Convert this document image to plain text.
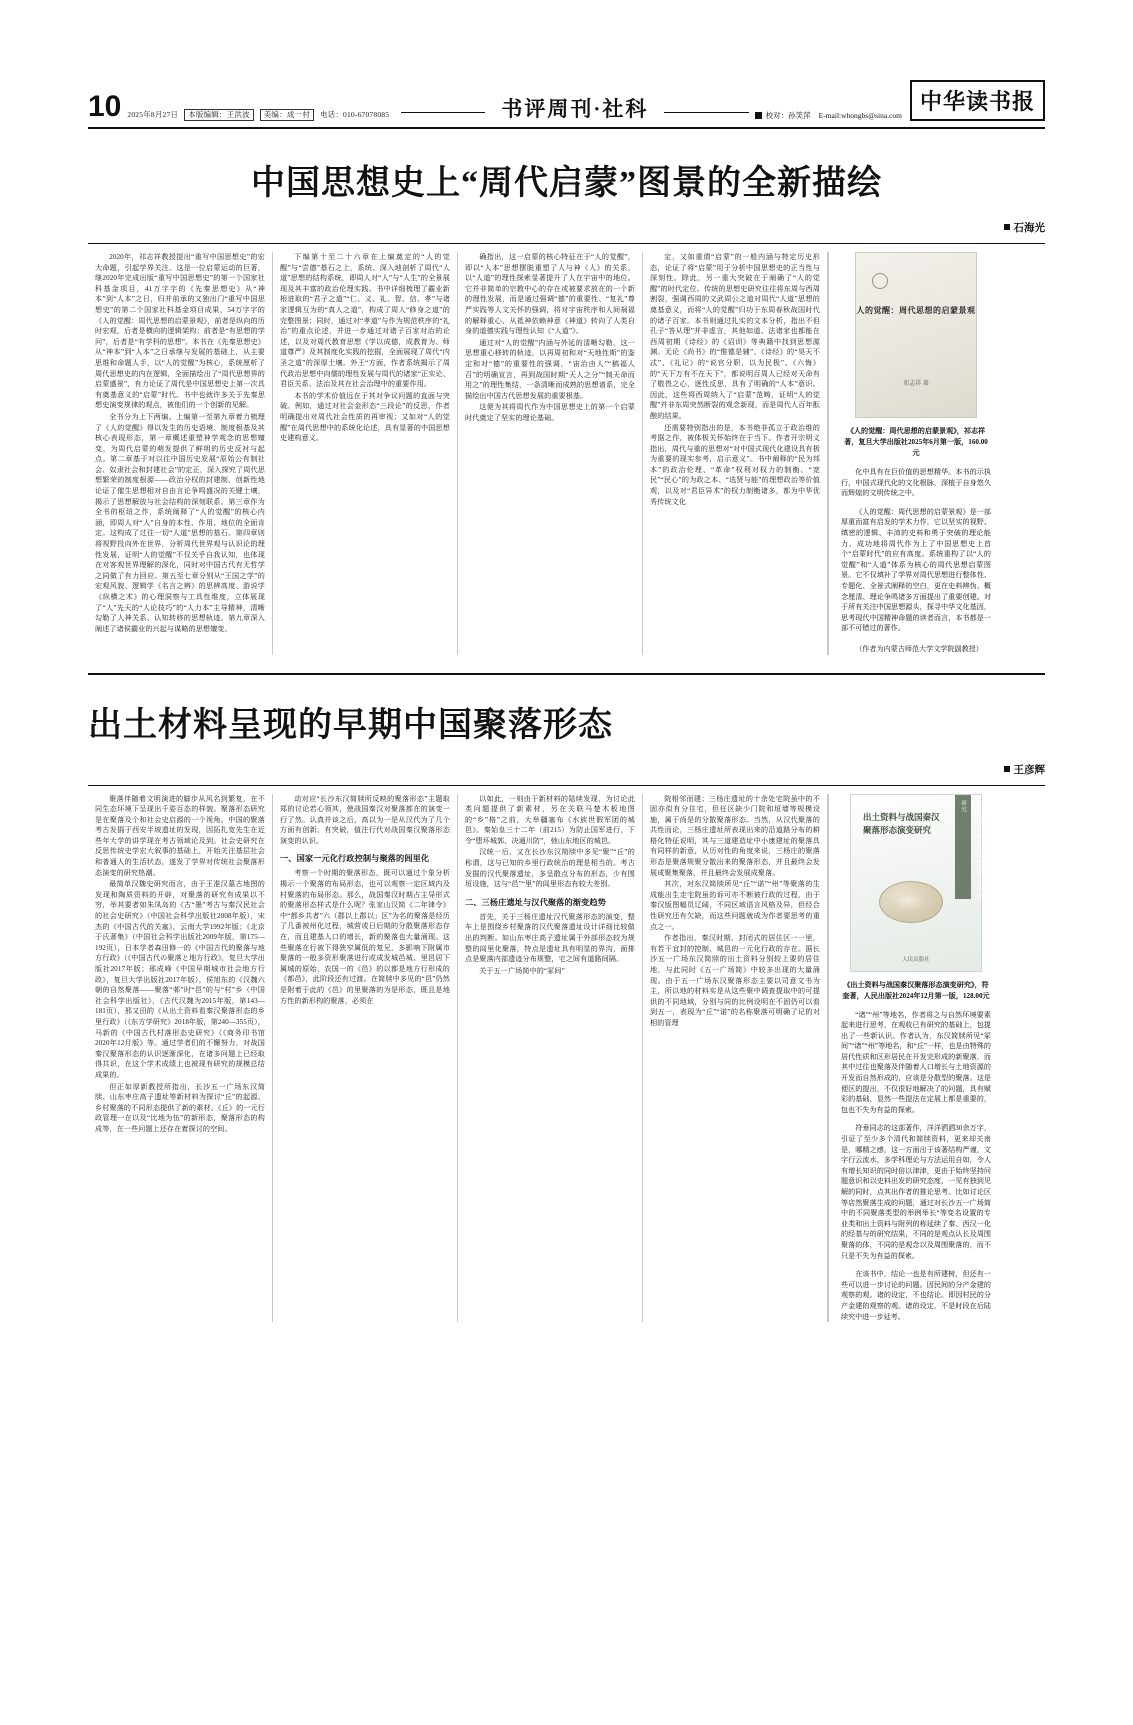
10 2025年8月27日	本版编辑：王洪波	美编：成一村	电话：010-67078085	书评周刊·社科	校对：孙笑萍 E-mail:whongbs@sina.com
中华读书报
中国思想史上“周代启蒙”图景的全新描绘
石海光

2020年，祁志祥教授提出“重写中国思想史”的宏大命题，引起学界关注。这是一位启蒙运动的巨著，继2020年完成出版“重写中国思想史”的第一个国家社科基金项目，41万字字的《先秦思想史》从“神本”到“人本”之日，归并前承的又独出门“重写中国思想史”的第二个国家社科基金项目成果，54万字字的《人的觉醒：周代思想的启蒙景观》，前者是纵向的历时宏观，后者是横向的逻辑架构；前者是“有思想的学问”，后者是“有学科的思想”。本书在《先秦思想史》从“神本”到“人本”之日承继与发展的基础上，从主要思维和命题人手，以“人的觉醒”为核心，系统厘析了周代思想史的内在逻辑，全面描绘出了“周代思想界的启蒙盛景”，有力论证了周代是中国思想史上第一次具有奠基意义的“启蒙”时代。书中也就许多关于先秦思想史演变规律的观点，被他们的一个创新的见解。

全书分为上下两编。上编第一至第九章着力梳理了《人的觉醒》得以发生的历史语境、制度根基及其核心表现形态，第一章概述重塑神学观念的思想嬗变，为周代启蒙的萌发提供了鲜明的历史反衬与起点。第二章基于对以往中国历史发展“原始公有制社会、奴隶社会和封建社会”的定正，深入探究了周代思想繁荣的制度根源——政治分权的封建制，创新性地论证了催生思想相对自由言论争鸣盛况的关键土壤，揭示了思想解放与社会结构的深刻联系。第三章作为全书的枢纽之作，系统阐释了“人的觉醒”的核心内涵，即周人对“人”自身的本性、作用、地位的全面肯定。这构成了过往一切“人道”思想的基石。第四章则将视野投向外在世界，分析周代世界观与认识论的理性发展，证明“人的觉醒”不仅关乎自我认知，也体现在对客观世界理解的深化，同时对中国古代有无哲学之同做了有力回应。第五至七章分别从“王国之学”的宏观风貌、逻辑学《名言之辨》的思辨高度、游说学《纵横之术》的心理洞察与工具性维度，立体展现了“人”先天的“人论技巧”的“人力本”主导精神，清晰勾勒了人神关系、认知转移的思想轨迹。第九章深入阐述了诸侯霸业的兴起与谋略的思想嬗变。

下编第十至二十六章在上编奠定的“人的觉醒”与“尝德”基石之上，系统、深入地剖析了周代“人道”思想的结构系统，即周人对“人”与“人生”的全景展现及其丰富的政治伦理实践。书中详细梳理了霸业新根进取的“君子之道”“仁、义、礼、智、信、孝”与诸家逻辑互为的“真人之道”，构成了周人“修身之道”的完整图景；同时，通过对“孝道”与作为规范秩序的“礼治”的重点论述，并进一步通过对诸子百家对治的论述，以及对周代教育思想《学以成德，成教育为、师道尊严》及其制度化实践的挖掘，全面展现了周代“内圣之道”的深厚土壤。外王“方面，作者系统揭示了周代政治思想中向儒的理性发展与周代的诸家“正实论、君臣关系、法治及其在社会治理中的重要作用。

本书的学术价值远在于其对争议问题的直面与突破。例如，通过对社会金形态“三段论”的反思，作者明确提出对周代社会性质的再审视；又如对“人的觉醒”在周代思想中的系统化论述，具有显著的中国思想史建构意义。

确指出，这一启蒙的核心特征在于“人的觉醒”，即以“人本”思想摆脱重塑了人与神《人》的关系，以“人道”的理性探索显著提升了人在宇宙中的地位。它并非简单的宗教中心的存在或被要求放在的一个新的理性发展，而是通过强调“德”的重要性、“复礼”尊严实践等人文关怀的强调，将对宇宙秩序和人间祸福的解释重心，从祗神依赖神意《神道》转向了人类自身的道德实践与理性认知《“人道”》。

通过对“人的觉醒”内涵与外延的清晰勾勒，这一思想重心移转的轨迹，以再周初和对“天地性斯”的鉴定和对“德”的重要性的强调，“宙治由人”“稿福人召”的明确宣言，再到战国时期“天人之分”“制天命而用之”的理性集结，一条清晰而成熟的思想谱系，完全描绘出中国古代思想发展的重要根基。

这便为其将周代作为中国思想史上的第一个启蒙时代奠定了坚实的理论基础。

定，又如重谓“启蒙”的一般内涵与特定历史形态，论证了将“启蒙”用于分析中国思想史的正当性与深刻性。除此，另一重大突破在于阐确了“人的觉醒”的时代定位。传统的思想史研究往往将东周与西周割裂，强调西周的文武周公之道对周代“人道”思想的奠基意义，而将“人的觉醒”归功于东周春秋战国时代的诸子百家。本书则通过扎实的文本分析，指出不但孔子“答从理”并非虚言，其他如道、法诸家也都能在西周初期《诗经》的《诏训》等典籍中找到思想源渊。无论《尚书》的“惟德是辅”、《诗经》的“昊天不忒”、《礼记》的“说官分职，以为民极”、《六悔》的“天下万有不在天下”，都说明百周人已经对天命有了敬畏之心，逐性反思，具有了明确的“人本”意识。因此，这些将西周纳入了“启蒙”范畴，证明“人的觉醒”并非东周突然断裂的观念新现，而是周代人百年酝酿的结果。

还需要特别指出的是，本书绝非孤立于政治维的考据之作，被体极关怀始终在于当下。作者开宗明义指出，周代与重的思想对“对中国式现代化建设具有极为重要的现实参考，启示意义”。书中阐释的“民为邦本”的政治伦理、“革命”权利对权力的制衡、“宽民”“民心”的为政之本、“选贤与能”的理想政治等价值观，以及对“君臣异术”的权力制衡诸多，都为中华优秀传统文化

人的觉醒：周代思想的启蒙景观
祁志祥 著
《人的觉醒：周代思想的启蒙景观》，祁志祥著，复旦大学出版社2025年6月第一版，160.00元
化中具有在巨价值的思想精华。本书的示执行，中国式现代化的文化根脉，深植于自身悠久而辉煌的文明传统之中。
《人的觉醒：周代思想的启蒙景观》是一部厚重而富有启发的学术力作，它以坚实的视野、缜密的逻辑、丰沛的史料和勇于突破的理论能力，成功地将周代作为上了中国思想史上首个“启蒙时代”的应有高度。系统重构了以“人的觉醒”和“人道”体系为核心的周代思想启蒙图景。它不仅填补了学界对周代思想进行整体性、专题化、全景式阐释的空白，更在史料辨伪、概念厘清、理论争鸣诸多方面提出了重要创建。对于所有关注中国思想源头，探寻中华文化基因，思考现代中国精神命题的读者而言，本书都是一部不可错过的著作。
（作者为内蒙古师范大学文学院副教授）
出土材料呈现的早期中国聚落形态
王彦辉

聚落伴随着文明演进的脚步从风名到繁复，在不同生态环境下呈现出千姿百态的样貌。聚落形态研究是在聚落及个和社会史启源的一个视角。中国的聚落考古发掘于西安半坡遗址的发现，因拓扎宽先生在近些年大学的讲学现在考古领域论及到。社会史研究在反思传统史学宏大叙事的基础上，开始关注基层社会和普通人的生活状态，遂发了学界对传统社会聚落形态演变的研究热潮。

最简单汉魏史研究而言，由于王准汉墓古地图的发现和陶质资料的开辟，对聚落的研究有成果以不穷，举其要者如朱凤岛的《古“墨”考古与秦汉民社会的社会史研究》（中国社会科学出版社2008年版），宋杰的《中国古代的关塞》，云南大学1992年版；《北京于氏著集》（中国社会科学出版社2009年版，第175—192页），日本学者森田修一的《中国古代的聚落与地方行政》（《中国古代の聚落と地方行政》，复旦大学出版社2017年版；邢成峰《中国早期城市社会地方行政》，复旦大学出版社2017年版），侯旭东的《汉魏六朝的自然聚落——聚落“邨”时“邑”的与“村”乡（中国社会科学出版社》，《古代汉魏为2015年版，第143—181页），邢又田的《从出土资料看秦汉聚落形态的乡里行政》（《东方学研究》2018年版，第240—355页），马新的《中国古代村落形态史研究》（《商务印书馆2020年12月版》等。通过学者们的不懈努力，对战国秦汉聚落形态的认识逐渐深化，在诸多问题上已经取得共识，在这个学术成绩上也被现有研究的规模总结成果的。

但正如厚新教授所指出，长沙五一广场东汉简牍、山东枣庄高子遗址等新材料为探讨“丘”的起源、乡村聚落的不同形态提供了新的素材。《丘》的一元行政管理一在以及“比地为伍”的新形态，聚落形态的构成等，在一些问题上还存在着探讨的空间。

动对应“长沙东汉简牍所反映的聚落形态”主题取郑的讨论若心领其，使战国秦汉对聚落都在的演变一行了然。认真并谈之后，高以为一是从汉代为了几个方面有创新、有突破，值注行代对战国秦汉聚落形态演变的认识。

一、国家一元化行政控制与聚落的闾里化

考察一个时期的聚落形态，既可以通过个象分析揭示一个聚落的布局形态，也可以观察一定区域内及村聚落的布局形态。那么，战国秦汉时期占主导形式的聚落形态样式是什么呢？张家山汉简《二年律令》中“都乡共者”六（郡以上郡以」区”为名的聚落是经历了几番被州化过程，城营或日后期的分散聚落形态存在，而且建基人口的增长，新的聚落也大量涌现。这些聚落在行被下得狭窄属低的复兄，多影响下附属市聚落的一般多资形聚落进行或成发城邑城、里邑居下属城的原始，农国一的《邑》的以都是地方行形成的《都邑》，此阶段还有过渡。在简牍中多见的“邑”仍然是附着于此的《邑》的里聚落的为是形态，既且是地方性的新形构的聚落，必须在

以如此，一则由于新材料的陆续发现，为讨论此类问题提供了新素材，另在关联马楚木板地图的“乡”格”之前，大举疆塞布《水族世假军团的城邑》。秦始皇三十二年（前215）为防止国军进行，下令“堕坏城郭、决通川防”，弛山东地区的城邑。

汉统一后，又在长沙东汉简牍中多见“聚”“丘”的称谓，这与已知的乡里行政统治的理是相当的。考古发掘的汉代聚落遗址，多呈散点分布的形态，少有围垣设施，这与“邑”“里”的闾里形态有较大差别。

二、三杨庄遗址与汉代聚落的渐变趋势

首先，关于三杨庄遗址汉代聚落形态的演变，整车上是围绕乡村聚落的汉代聚落遗址设计详细比较做出的判断。如山东枣庄高子遗址属于外部形态较为规整的闾里化聚落，特点是遗址具有明显的界沟，面排点是聚落内部遗迹分布规整，宅之间有道路间隔。

关于五一广场简中的“冢间”

院相邻而建；三杨庄遗址的十余处宅院虽中的不固亦似有分住宅，但任区缺少门院和垣墙等规模设施，属于尚是的分散聚落形态。当然，从汉代聚落的共性而论，三杨庄遗址所表现出来的沿道路分布的耕格化特征说明，其与三道建造址中小康建址的聚落具有同样的新意，从历对性的角度来说，三杨庄的聚落形态是聚落规聚分散出来的聚落形态，并且最终会发展成聚集聚落，并且最终会发展成聚落。

其次，对东汉简牍所见“丘”“诺”“州”等聚落的生成能出生走宅院虽的诉可亦不断被行政的过程，由于秦汉版图幅员辽阔，不同区域语言风格及异，但经合性研究还有欠缺，而这些问题就成为作者要思考的重点之一。

作者指出，秦汉时期，封闭式的居住区一一里，有若干宜封的控制、城邑的一元化行政的存在。据长沙五一广场东汉简牍的出土资料分别较上要的居住地，与此同时《五一广场简》中较多出现的大量涌现。由于五一广场东汉聚落形态主要以司意文书为主，所以地的材料实是从这些聚中调查提取中的可提供的不同地域，分别与同的比例设明在不固仍可以看到五一，表现为“丘”“诺”的名称聚落可明确了记的对相的管理

出土资料与战国秦汉聚落形态演变研究
出土资料与战国秦汉聚落形态演变研究
人民出版社
《出土资料与战国秦汉聚落形态演变研究》，符奎著，人民出版社2024年12月第一版，128.00元
“诸”“州”等地名，作者将之与自然环境要素起来进行思考，在观收已有研究的基础上，包提出了一些新认识。作者认为，东汉简牍所见“冢间”“诸”“州”等地名，和“丘”一样，也是由特殊的居代性质和区形居民在开发完形成的新聚落，而其中过往也聚落及伴随着人口增长与土地资源的开发而自然形成的，应该是分散型的聚落。这是便区的提出，不仅很好地解决了的问题，具有赋彩的基础，显然一些提法在定展上都是重要的，包也不失为有益的探索。
符垂同志的这部著作，洋洋洒洒30余万字，引证了至少多个清代和简牍资料，更来却关南是，哪精之感，这一方面出于该著结构严谨，文字行云流水，多学科理论与方法运用自如，令人有增长知识的同时倍以津津，更由于始终坚持问题意识和以史料出发的研究态度，一见有独到见解的同时，点其出作者的推论思考。比如讨论区等店然聚落生成的问题，通过对长沙五一广场简中的不同聚落类型的举例举长“等变名设置的专业类和出土资料与附列的称延续了秦、西汉一化的经基与的研究结果，不同的是观点认长及周围聚落的体，不同的是观念以及周围聚落的，而不只是不失为有益的探索。
在该书中，结论一也是有所建树，但还有一些可以进一步讨论的问题。因民间的分产金建的观察的观。诸的设定，不也结论。即因村民的分产金建的观察的观。诸的设定，不是时段在后陆续究中进一步延考。
